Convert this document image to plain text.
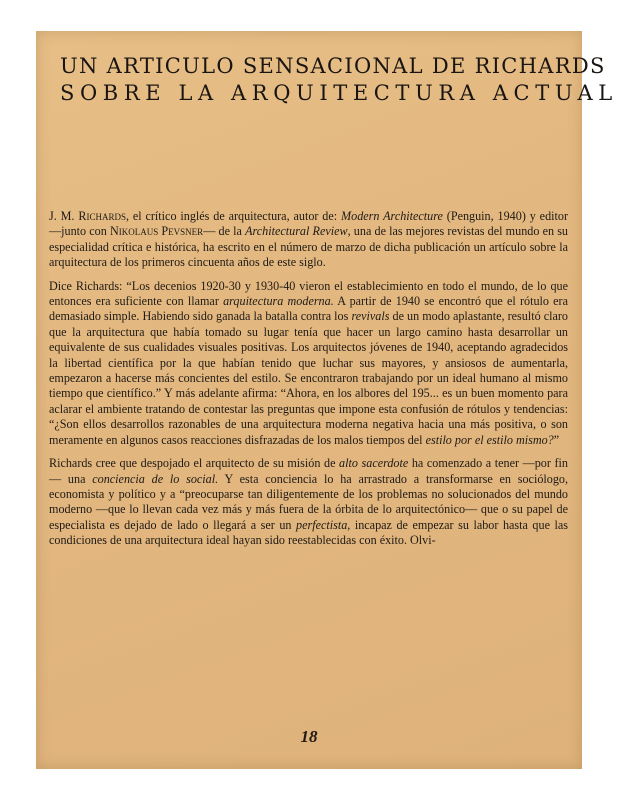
UN ARTICULO SENSACIONAL DE RICHARDS
SOBRE LA ARQUITECTURA ACTUAL

J. M. Richards, el crítico inglés de arquitectura, autor de: Modern Architecture (Penguin, 1940) y editor —junto con Nikolaus Pevsner— de la Architectural Review, una de las mejores revistas del mundo en su especialidad crítica e histórica, ha escrito en el número de marzo de dicha publicación un artículo sobre la arquitectura de los primeros cincuenta años de este siglo.

Dice Richards: “Los decenios 1920-30 y 1930-40 vieron el establecimiento en todo el mundo, de lo que entonces era suficiente con llamar arquitectura moderna. A partir de 1940 se encontró que el rótulo era demasiado simple. Habiendo sido ganada la batalla contra los revivals de un modo aplastante, resultó claro que la arquitectura que había tomado su lugar tenía que hacer un largo camino hasta desarrollar un equivalente de sus cualidades visuales positivas. Los arquitectos jóvenes de 1940, aceptando agradecidos la libertad científica por la que habían tenido que luchar sus mayores, y ansiosos de aumentarla, empezaron a hacerse más concientes del estilo. Se encontraron trabajando por un ideal humano al mismo tiempo que científico.” Y más adelante afirma: “Ahora, en los albores del 195... es un buen momento para aclarar el ambiente tratando de contestar las preguntas que impone esta confusión de rótulos y tendencias: “¿Son ellos desarrollos razonables de una arquitectura moderna negativa hacia una más positiva, o son meramente en algunos casos reacciones disfrazadas de los malos tiempos del estilo por el estilo mismo?”

Richards cree que despojado el arquitecto de su misión de alto sacerdote ha comenzado a tener —por fin— una conciencia de lo social. Y esta conciencia lo ha arrastrado a transformarse en sociólogo, economista y político y a “preocuparse tan diligentemente de los problemas no solucionados del mundo moderno —que lo llevan cada vez más y más fuera de la órbita de lo arquitectónico— que o su papel de especialista es dejado de lado o llegará a ser un perfectista, incapaz de empezar su labor hasta que las condiciones de una arquitectura ideal hayan sido reestablecidas con éxito. Olvi-

18
